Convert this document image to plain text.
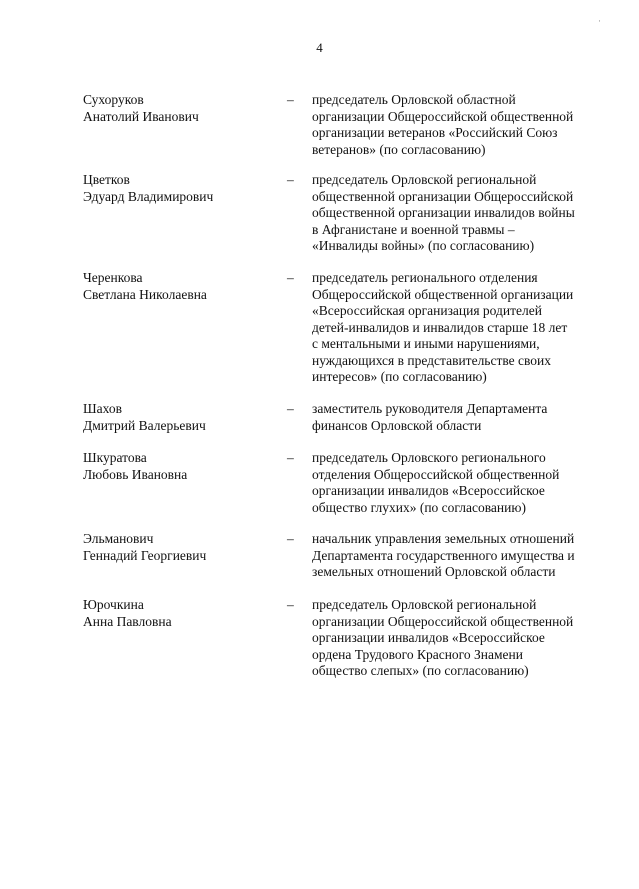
4
·
Сухоруков
Анатолий Иванович
– председатель Орловской областной
организации Общероссийской общественной
организации ветеранов «Российский Союз
ветеранов» (по согласованию)
Цветков
Эдуард Владимирович
– председатель Орловской региональной
общественной организации Общероссийской
общественной организации инвалидов войны
в Афганистане и военной травмы –
«Инвалиды войны» (по согласованию)
Черенкова
Светлана Николаевна
– председатель регионального отделения
Общероссийской общественной организации
«Всероссийская организация родителей
детей-инвалидов и инвалидов старше 18 лет
с ментальными и иными нарушениями,
нуждающихся в представительстве своих
интересов» (по согласованию)
Шахов
Дмитрий Валерьевич
– заместитель руководителя Департамента
финансов Орловской области
Шкуратова
Любовь Ивановна
– председатель Орловского регионального
отделения Общероссийской общественной
организации инвалидов «Всероссийское
общество глухих» (по согласованию)
Эльманович
Геннадий Георгиевич
– начальник управления земельных отношений
Департамента государственного имущества и
земельных отношений Орловской области
Юрочкина
Анна Павловна
– председатель Орловской региональной
организации Общероссийской общественной
организации инвалидов «Всероссийское
ордена Трудового Красного Знамени
общество слепых» (по согласованию)
